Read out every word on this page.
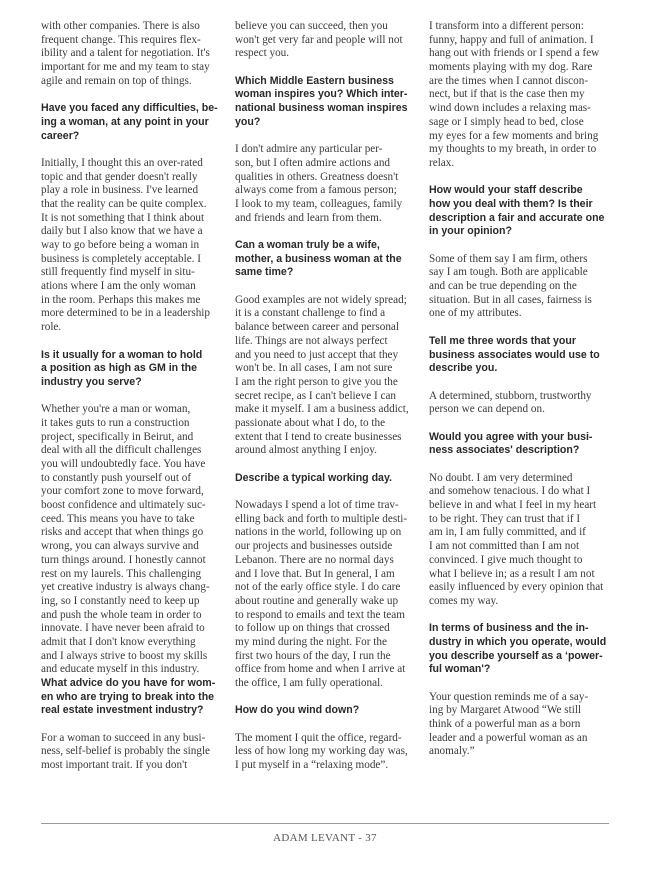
with other companies. There is also
frequent change. This requires flex-
ibility and a talent for negotiation. It's
important for me and my team to stay
agile and remain on top of things.
Have you faced any difficulties, be-
ing a woman, at any point in your
career?
Initially, I thought this an over-rated
topic and that gender doesn't really
play a role in business. I've learned
that the reality can be quite complex.
It is not something that I think about
daily but I also know that we have a
way to go before being a woman in
business is completely acceptable. I
still frequently find myself in situ-
ations where I am the only woman
in the room. Perhaps this makes me
more determined to be in a leadership
role.
Is it usually for a woman to hold
a position as high as GM in the
industry you serve?
Whether you're a man or woman,
it takes guts to run a construction
project, specifically in Beirut, and
deal with all the difficult challenges
you will undoubtedly face. You have
to constantly push yourself out of
your comfort zone to move forward,
boost confidence and ultimately suc-
ceed. This means you have to take
risks and accept that when things go
wrong, you can always survive and
turn things around. I honestly cannot
rest on my laurels. This challenging
yet creative industry is always chang-
ing, so I constantly need to keep up
and push the whole team in order to
innovate. I have never been afraid to
admit that I don't know everything
and I always strive to boost my skills
and educate myself in this industry.
What advice do you have for wom-
en who are trying to break into the
real estate investment industry?
For a woman to succeed in any busi-
ness, self-belief is probably the single
most important trait. If you don't
believe you can succeed, then you
won't get very far and people will not
respect you.
Which Middle Eastern business
woman inspires you? Which inter-
national business woman inspires
you?
I don't admire any particular per-
son, but I often admire actions and
qualities in others. Greatness doesn't
always come from a famous person;
I look to my team, colleagues, family
and friends and learn from them.
Can a woman truly be a wife,
mother, a business woman at the
same time?
Good examples are not widely spread;
it is a constant challenge to find a
balance between career and personal
life. Things are not always perfect
and you need to just accept that they
won't be. In all cases, I am not sure
I am the right person to give you the
secret recipe, as I can't believe I can
make it myself. I am a business addict,
passionate about what I do, to the
extent that I tend to create businesses
around almost anything I enjoy.
Describe a typical working day.
Nowadays I spend a lot of time trav-
elling back and forth to multiple desti-
nations in the world, following up on
our projects and businesses outside
Lebanon. There are no normal days
and I love that. But In general, I am
not of the early office style. I do care
about routine and generally wake up
to respond to emails and text the team
to follow up on things that crossed
my mind during the night. For the
first two hours of the day, I run the
office from home and when I arrive at
the office, I am fully operational.
How do you wind down?
The moment I quit the office, regard-
less of how long my working day was,
I put myself in a “relaxing mode”.
I transform into a different person:
funny, happy and full of animation. I
hang out with friends or I spend a few
moments playing with my dog. Rare
are the times when I cannot discon-
nect, but if that is the case then my
wind down includes a relaxing mas-
sage or I simply head to bed, close
my eyes for a few moments and bring
my thoughts to my breath, in order to
relax.
How would your staff describe
how you deal with them? Is their
description a fair and accurate one
in your opinion?
Some of them say I am firm, others
say I am tough. Both are applicable
and can be true depending on the
situation. But in all cases, fairness is
one of my attributes.
Tell me three words that your
business associates would use to
describe you.
A determined, stubborn, trustworthy
person we can depend on.
Would you agree with your busi-
ness associates' description?
No doubt. I am very determined
and somehow tenacious. I do what I
believe in and what I feel in my heart
to be right. They can trust that if I
am in, I am fully committed, and if
I am not committed than I am not
convinced. I give much thought to
what I believe in; as a result I am not
easily influenced by every opinion that
comes my way.
In terms of business and the in-
dustry in which you operate, would
you describe yourself as a ‘power-
ful woman'?
Your question reminds me of a say-
ing by Margaret Atwood “We still
think of a powerful man as a born
leader and a powerful woman as an
anomaly.”
ADAM LEVANT - 37
